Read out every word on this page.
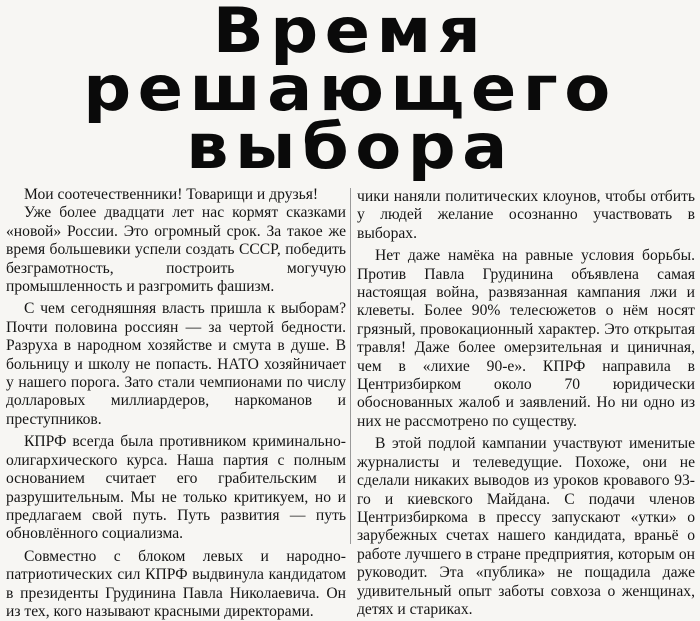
Время
решающего
выбора

Мои соотечественники! Товарищи и друзья!

Уже более двадцати лет нас кормят сказками «новой» России. Это огромный срок. За такое же время большевики успели создать СССР, победить безграмотность, построить могучую промышленность и разгромить фашизм.

С чем сегодняшняя власть пришла к выборам? Почти половина россиян — за чертой бедности. Разруха в народном хозяйстве и смута в душе. В больницу и школу не попасть. НАТО хозяйничает у нашего порога. Зато стали чемпионами по числу долларовых миллиардеров, наркоманов и преступников.

КПРФ всегда была противником криминально-олигархического курса. Наша партия с полным основанием считает его грабительским и разрушительным. Мы не только критикуем, но и предлагаем свой путь. Путь развития — путь обновлённого социализма.

Совместно с блоком левых и народно-патриотических сил КПРФ выдвинула кандидатом в президенты Грудинина Павла Николаевича. Он из тех, кого называют красными директорами.

чики наняли политических клоунов, чтобы отбить у людей желание осознанно участвовать в выборах.

Нет даже намёка на равные условия борьбы. Против Павла Грудинина объявлена самая настоящая война, развязанная кампания лжи и клеветы. Более 90% телесюжетов о нём носят грязный, провокационный характер. Это открытая травля! Даже более омерзительная и циничная, чем в «лихие 90-е». КПРФ направила в Центризбирком около 70 юридически обоснованных жалоб и заявлений. Но ни одно из них не рассмотрено по существу.

В этой подлой кампании участвуют именитые журналисты и телеведущие. Похоже, они не сделали никаких выводов из уроков кровавого 93-го и киевского Майдана. С подачи членов Центризбиркома в прессу запускают «утки» о зарубежных счетах нашего кандидата, враньё о работе лучшего в стране предприятия, которым он руководит. Эта «публика» не пощадила даже удивительный опыт заботы совхоза о женщинах, детях и стариках.
